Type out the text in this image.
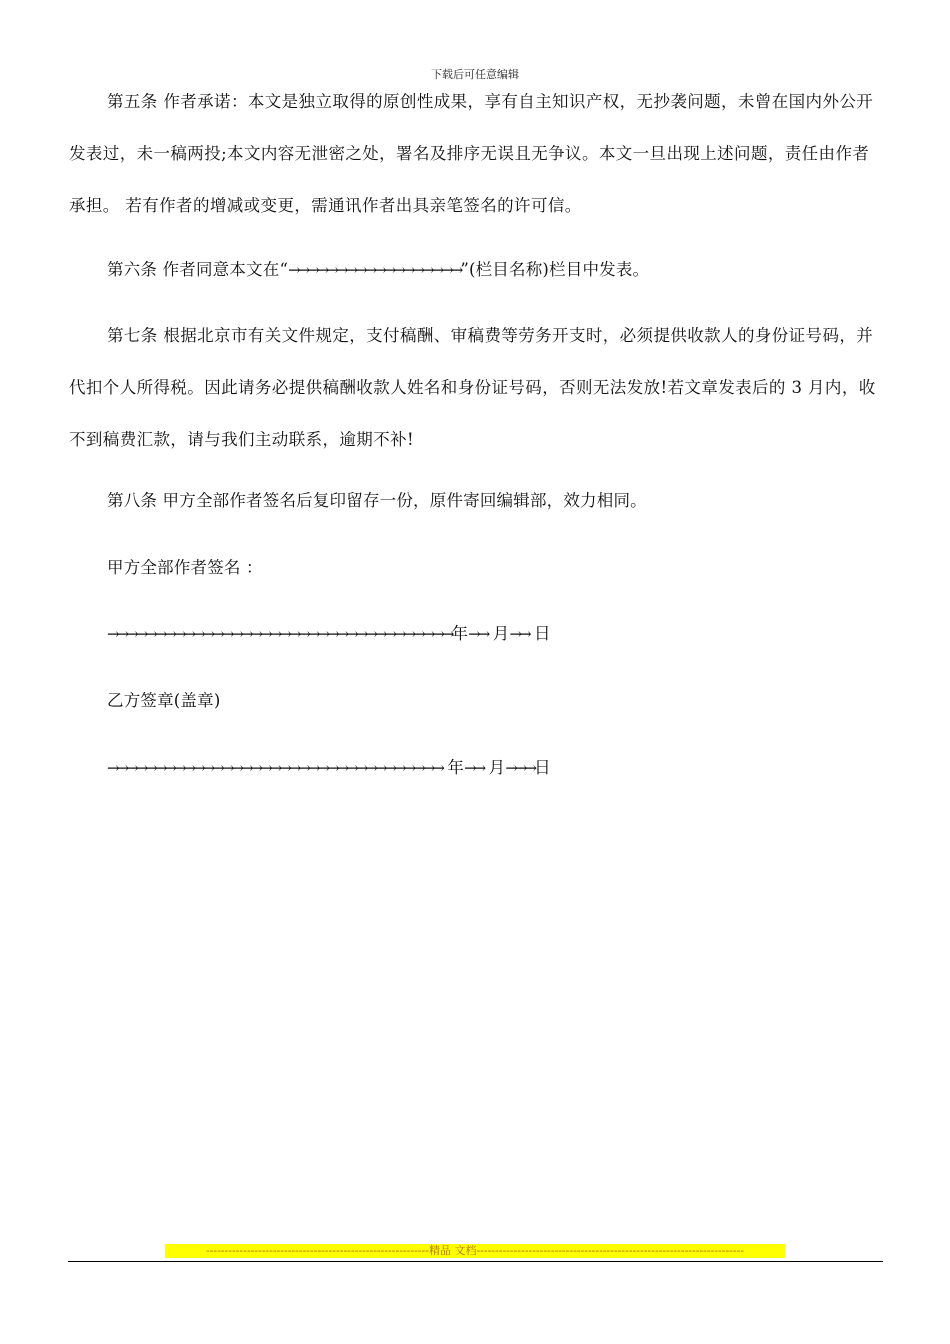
下载后可任意编辑
第五条 作者承诺：本文是独立取得的原创性成果，享有自主知识产权，无抄袭问题，未曾在国内外公开发表过，未一稿两投;本文内容无泄密之处，署名及排序无误且无争议。本文一旦出现上述问题，责任由作者承担。 若有作者的增减或变更，需通讯作者出具亲笔签名的许可信。
第六条 作者同意本文在“→→→→→→→→→→→→→→→→→→”(栏目名称)栏目中发表。
第七条 根据北京市有关文件规定，支付稿酬、审稿费等劳务开支时，必须提供收款人的身份证号码，并代扣个人所得税。因此请务必提供稿酬收款人姓名和身份证号码，否则无法发放!若文章发表后的 3 月内，收不到稿费汇款，请与我们主动联系，逾期不补!
第八条 甲方全部作者签名后复印留存一份，原件寄回编辑部，效力相同。
甲方全部作者签名 ：
→→→→→→→→→→→→→→→→→→→→→→→→→→→→→→→→→→→→年→→ 月→→ 日
乙方签章(盖章)
→→→→→→→→→→→→→→→→→→→→→→→→→→→→→→→→→→→ 年→→ 月→→→日
------------------------------------------------------------精品 文档------------------------------------------------------------------------
